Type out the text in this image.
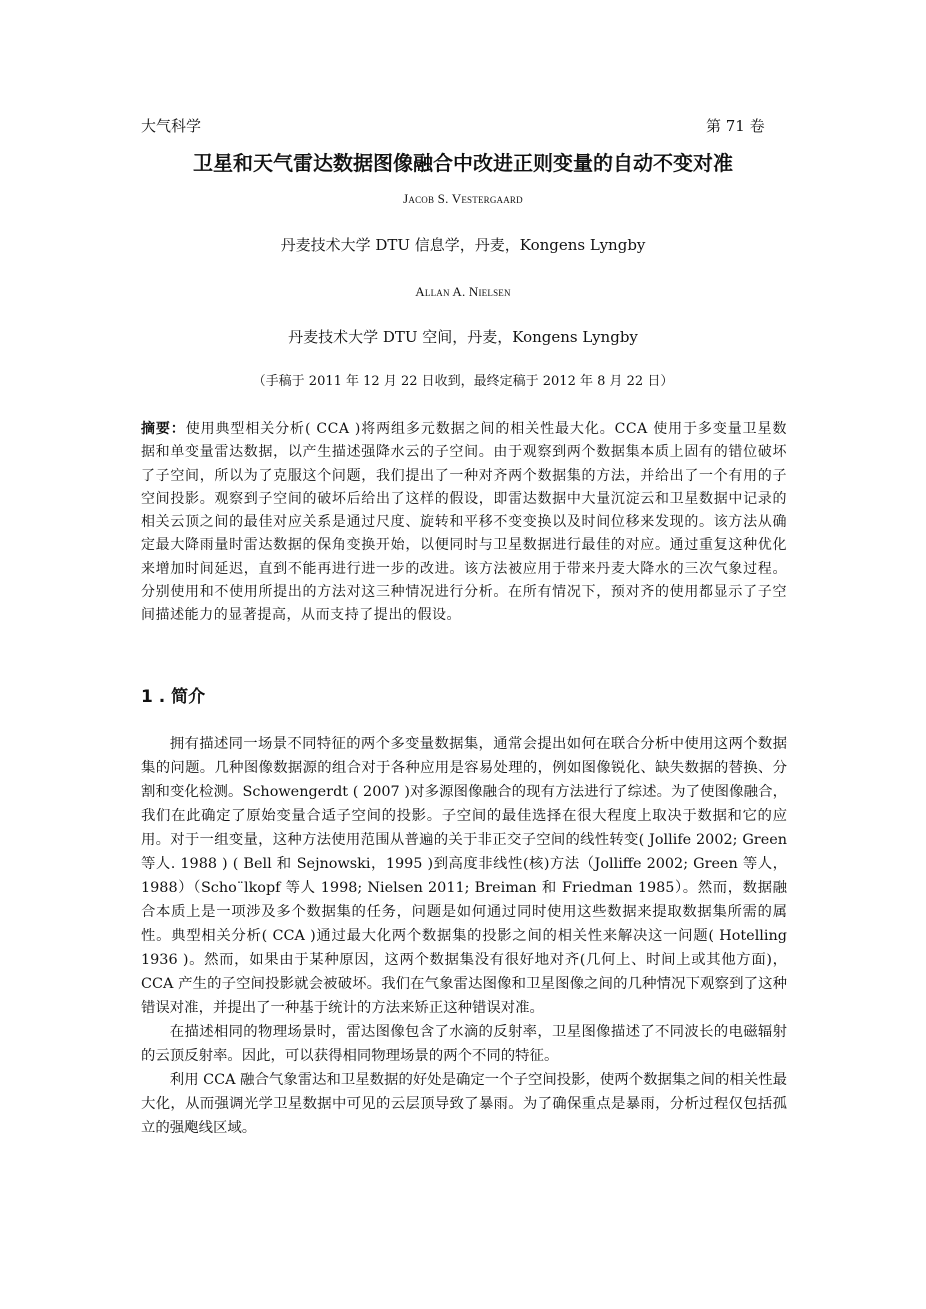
大气科学	第 71 卷
卫星和天气雷达数据图像融合中改进正则变量的自动不变对准
Jacob S. Vestergaard
丹麦技术大学 DTU 信息学，丹麦，Kongens Lyngby
Allan A. Nielsen
丹麦技术大学 DTU 空间，丹麦，Kongens Lyngby
（手稿于 2011 年 12 月 22 日收到，最终定稿于 2012 年 8 月 22 日）
摘要：使用典型相关分析( CCA )将两组多元数据之间的相关性最大化。CCA 使用于多变量卫星数据和单变量雷达数据，以产生描述强降水云的子空间。由于观察到两个数据集本质上固有的错位破坏了子空间，所以为了克服这个问题，我们提出了一种对齐两个数据集的方法，并给出了一个有用的子空间投影。观察到子空间的破坏后给出了这样的假设，即雷达数据中大量沉淀云和卫星数据中记录的相关云顶之间的最佳对应关系是通过尺度、旋转和平移不变变换以及时间位移来发现的。该方法从确定最大降雨量时雷达数据的保角变换开始，以便同时与卫星数据进行最佳的对应。通过重复这种优化来增加时间延迟，直到不能再进行进一步的改进。该方法被应用于带来丹麦大降水的三次气象过程。分别使用和不使用所提出的方法对这三种情况进行分析。在所有情况下，预对齐的使用都显示了子空间描述能力的显著提高，从而支持了提出的假设。
1 . 简介

拥有描述同一场景不同特征的两个多变量数据集，通常会提出如何在联合分析中使用这两个数据集的问题。几种图像数据源的组合对于各种应用是容易处理的，例如图像锐化、缺失数据的替换、分割和变化检测。Schowengerdt ( 2007 )对多源图像融合的现有方法进行了综述。为了使图像融合，我们在此确定了原始变量合适子空间的投影。子空间的最佳选择在很大程度上取决于数据和它的应用。对于一组变量，这种方法使用范围从普遍的关于非正交子空间的线性转变( Jollife 2002; Green 等人. 1988 ) ( Bell 和 Sejnowski，1995 )到高度非线性(核)方法（Jolliffe 2002; Green 等人， 1988）（Scho¨lkopf 等人 1998; Nielsen 2011; Breiman 和 Friedman 1985）。然而，数据融合本质上是一项涉及多个数据集的任务，问题是如何通过同时使用这些数据来提取数据集所需的属性。典型相关分析( CCA )通过最大化两个数据集的投影之间的相关性来解决这一问题( Hotelling 1936 )。然而，如果由于某种原因，这两个数据集没有很好地对齐(几何上、时间上或其他方面)，CCA 产生的子空间投影就会被破坏。我们在气象雷达图像和卫星图像之间的几种情况下观察到了这种错误对准，并提出了一种基于统计的方法来矫正这种错误对准。

在描述相同的物理场景时，雷达图像包含了水滴的反射率，卫星图像描述了不同波长的电磁辐射的云顶反射率。因此，可以获得相同物理场景的两个不同的特征。

利用 CCA 融合气象雷达和卫星数据的好处是确定一个子空间投影，使两个数据集之间的相关性最大化，从而强调光学卫星数据中可见的云层顶导致了暴雨。为了确保重点是暴雨，分析过程仅包括孤立的强飑线区域。
